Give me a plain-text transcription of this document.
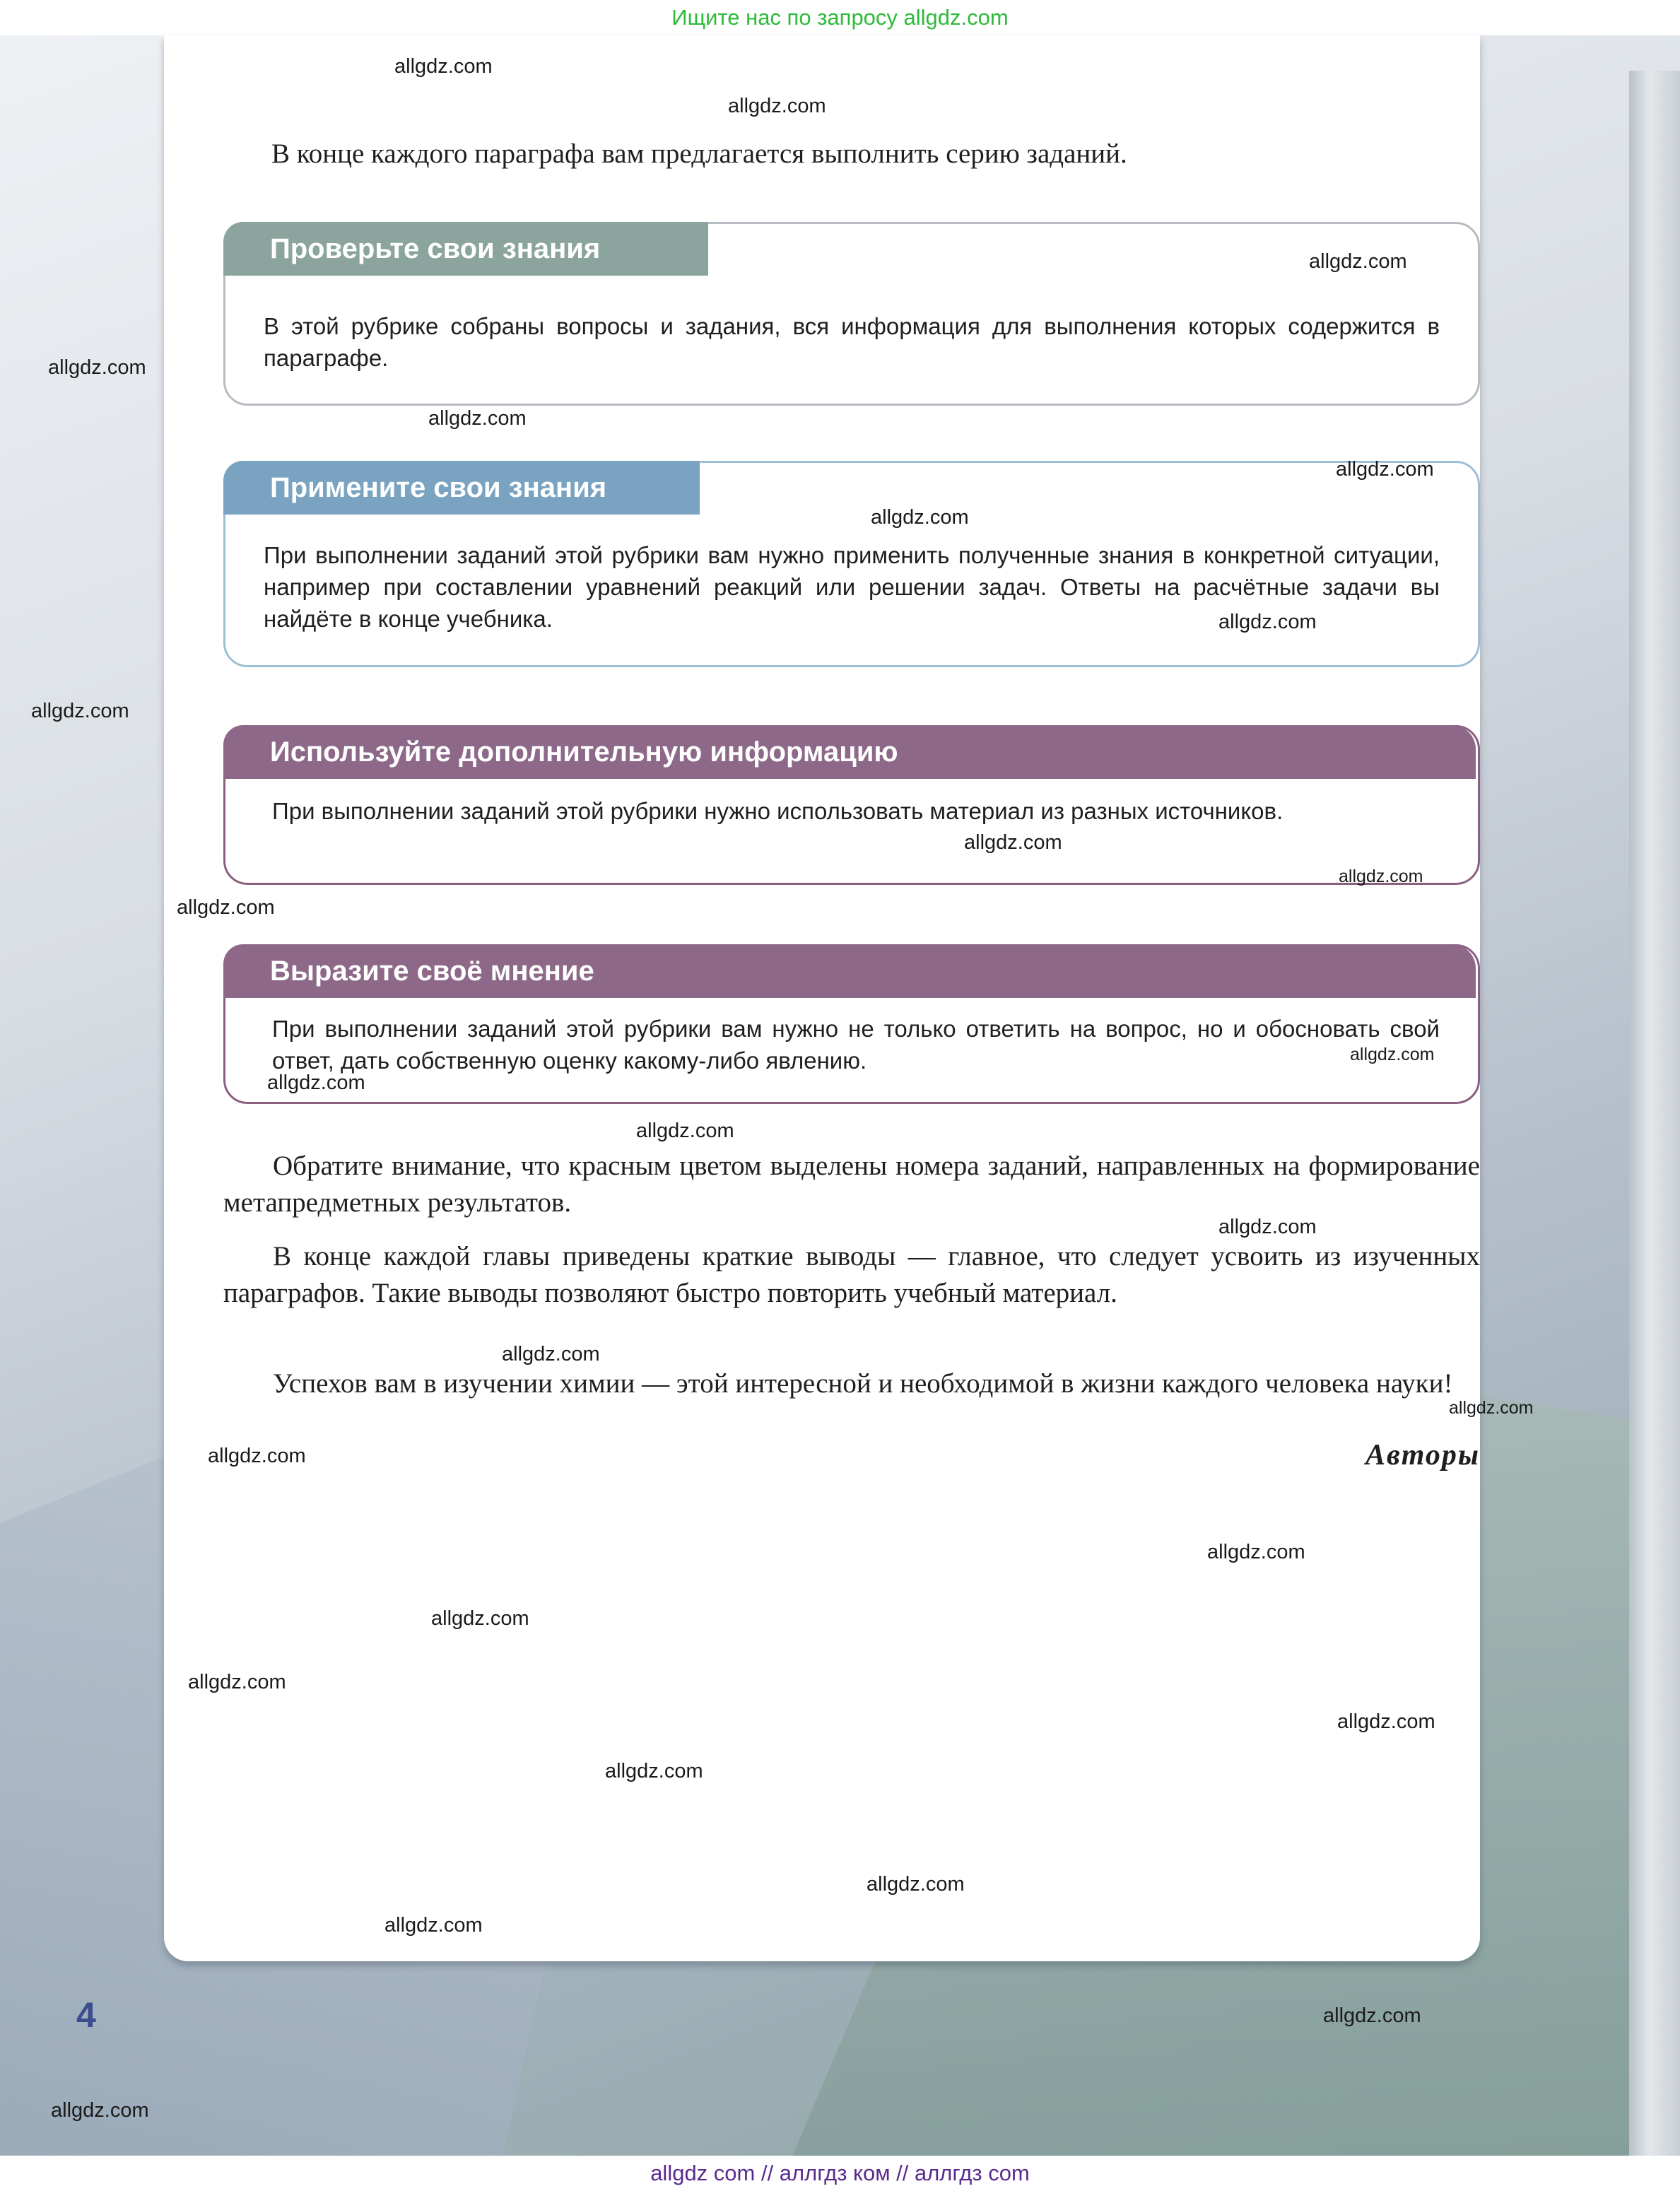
Ищите нас по запросу allgdz.com

В конце каждого параграфа вам предлагается выполнить серию заданий.

Проверьте свои знания

В этой рубрике собраны вопросы и задания, вся информация для выполнения которых содержится в параграфе.

Примените свои знания

При выполнении заданий этой рубрики вам нужно применить полученные знания в конкретной ситуации, например при составлении уравнений реакций или решении задач. Ответы на расчётные задачи вы найдёте в конце учебника.

Используйте дополнительную информацию

При выполнении заданий этой рубрики нужно использовать материал из разных источников.

Выразите своё мнение

При выполнении заданий этой рубрики вам нужно не только ответить на вопрос, но и обосновать свой ответ, дать собственную оценку какому-либо явлению.

Обратите внимание, что красным цветом выделены номера заданий, направленных на формирование метапредметных результатов.

В конце каждой главы приведены краткие выводы — главное, что следует усвоить из изученных параграфов. Такие выводы позволяют быстро повторить учебный материал.

Успехов вам в изучении химии — этой интересной и необходимой в жизни каждого человека науки!

Авторы
4
allgdz.com
allgdz.com
allgdz.com
allgdz.com
allgdz.com
allgdz.com
allgdz.com
allgdz.com
allgdz.com
allgdz.com
allgdz.com
allgdz.com
allgdz.com
allgdz.com
allgdz.com
allgdz.com
allgdz.com
allgdz.com
allgdz.com
allgdz.com
allgdz.com
allgdz.com
allgdz.com
allgdz.com
allgdz.com
allgdz.com
allgdz.com
allgdz.com
allgdz com // аллгдз ком // аллгдз com
